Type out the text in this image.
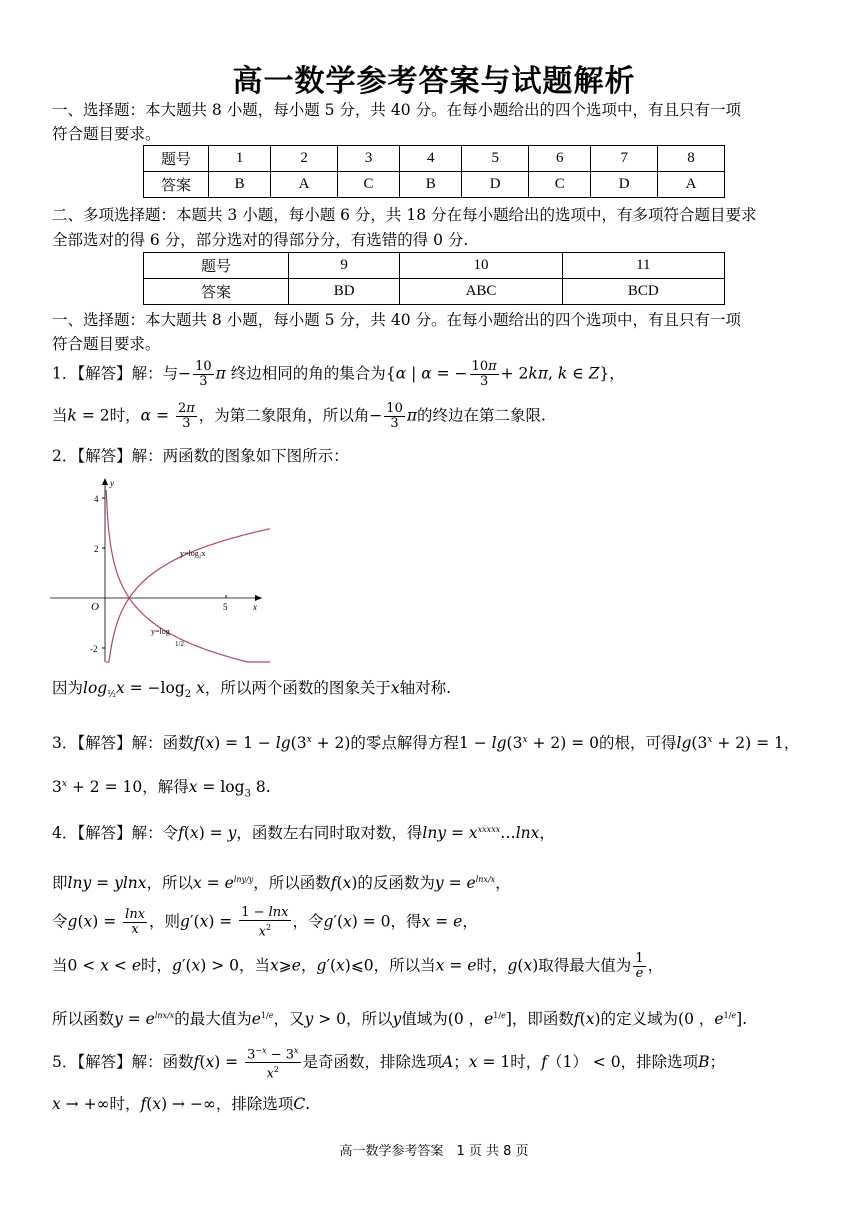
高一数学参考答案与试题解析
一、选择题：本大题共 8 小题，每小题 5 分，共 40 分。在每小题给出的四个选项中，有且只有一项
符合题目要求。
题号	1	2	3	4	5	6	7	8
答案	B	A	C	B	D	C	D	A
二、多项选择题：本题共 3 小题，每小题 6 分，共 18 分在每小题给出的选项中，有多项符合题目要求
全部选对的得 6 分，部分选对的得部分分，有选错的得 0 分.
题号	9	10	11
答案	BD	ABC	BCD
一、选择题：本大题共 8 小题，每小题 5 分，共 40 分。在每小题给出的四个选项中，有且只有一项
符合题目要求。
1．【解答】解：与− $\frac{10}{3}$ π 终边相同的角的集合为{α | α = − $\frac{10\pi}{3} + 2k\pi$, k ∈ Z}，
当k = 2时，$\alpha = \frac{2\pi}{3}$ ，为第二象限角，所以角− $\frac{10}{3}$ π的终边在第二象限.
2．【解答】解：两函数的图象如下图所示：
4
2
-2
5
O	x
y
y=log₂x
y=log
1/2
因为$\log_{\frac{1}{2}}x = -\log_2$ x，所以两个函数的图象关于x轴对称.
3．【解答】解：函数$f(x) = 1 - \lg(3^x + 2)$的零点解得方程$1 - \lg(3^x + 2) = 0$的根，可得$\lg(3^x + 2) = 1$，
$3^x + 2 = 10$，解得$x = \log_3 8$.
4．【解答】解：令f(x) = y，函数左右同时取对数，得$\ln y = x^{xxxxx}\dots\ln x$，
即lny = ylnx，所以$x = e^{lny/y}$，所以函数f(x)的反函数为$y = e^{lnx/x}$，
令$g(x) = \frac{\ln x}{x}$ ，则$g'(x) = \frac{1 - \ln x}{x^2}$ ，令g′(x) = 0，得x = e，
当0 < x < e时，g′(x) > 0，当x⩾e，g′(x)⩽0，所以当x = e时，g(x)取得最大值为 $\frac{1}{e}$ ，
所以函数$y = e^{lnx/x}$的最大值为$e^{1/e}$，又y > 0，所以y值域为(0 ，$e^{1/e}$]，即函数f(x)的定义域为(0 ，$e^{1/e}$].
5．【解答】解：函数$f(x) = \frac{3^{-x} - 3^x}{x^2}$ 是奇函数，排除选项A；x = 1时，f（1） < 0，排除选项B；
x → +∞时，f(x) → −∞，排除选项C.
高一数学参考答案　1 页 共 8 页
